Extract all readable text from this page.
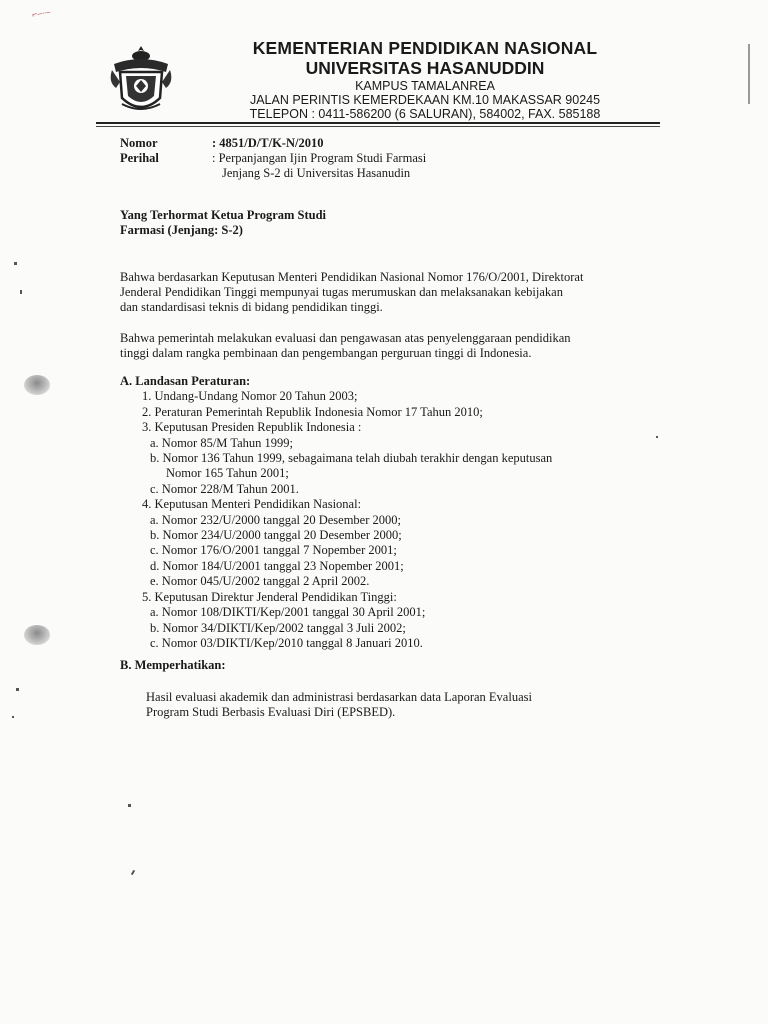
⌐–·–
KEMENTERIAN PENDIDIKAN NASIONAL
UNIVERSITAS HASANUDDIN
KAMPUS TAMALANREA
JALAN PERINTIS KEMERDEKAAN KM.10 MAKASSAR 90245
TELEPON : 0411-586200 (6 SALURAN), 584002, FAX. 585188
Nomor	: 4851/D/T/K-N/2010
Perihal	: Perpanjangan Ijin Program Studi Farmasi
Jenjang S-2 di Universitas Hasanudin
Yang Terhormat Ketua Program Studi
Farmasi (Jenjang: S-2)
Bahwa berdasarkan Keputusan Menteri Pendidikan Nasional Nomor 176/O/2001, Direktorat
Jenderal Pendidikan Tinggi mempunyai tugas merumuskan dan melaksanakan kebijakan
dan standardisasi teknis di bidang pendidikan tinggi.
Bahwa pemerintah melakukan evaluasi dan pengawasan atas penyelenggaraan pendidikan
tinggi dalam rangka pembinaan dan pengembangan perguruan tinggi di Indonesia.
A. Landasan Peraturan:
1. Undang-Undang Nomor 20 Tahun 2003;
2. Peraturan Pemerintah Republik Indonesia Nomor 17 Tahun 2010;
3. Keputusan Presiden Republik Indonesia :
a. Nomor 85/M Tahun 1999;
b. Nomor 136 Tahun 1999, sebagaimana telah diubah terakhir dengan keputusan
Nomor 165 Tahun 2001;
c. Nomor 228/M Tahun 2001.
4. Keputusan Menteri Pendidikan Nasional:
a. Nomor 232/U/2000 tanggal 20 Desember 2000;
b. Nomor 234/U/2000 tanggal 20 Desember 2000;
c. Nomor 176/O/2001 tanggal 7 Nopember 2001;
d. Nomor 184/U/2001 tanggal 23 Nopember 2001;
e. Nomor 045/U/2002 tanggal 2 April 2002.
5. Keputusan Direktur Jenderal Pendidikan Tinggi:
a. Nomor 108/DIKTI/Kep/2001 tanggal 30 April 2001;
b. Nomor 34/DIKTI/Kep/2002 tanggal 3 Juli 2002;
c. Nomor 03/DIKTI/Kep/2010 tanggal 8 Januari 2010.
B. Memperhatikan:
Hasil evaluasi akademik dan administrasi berdasarkan data Laporan Evaluasi
Program Studi Berbasis Evaluasi Diri (EPSBED).
